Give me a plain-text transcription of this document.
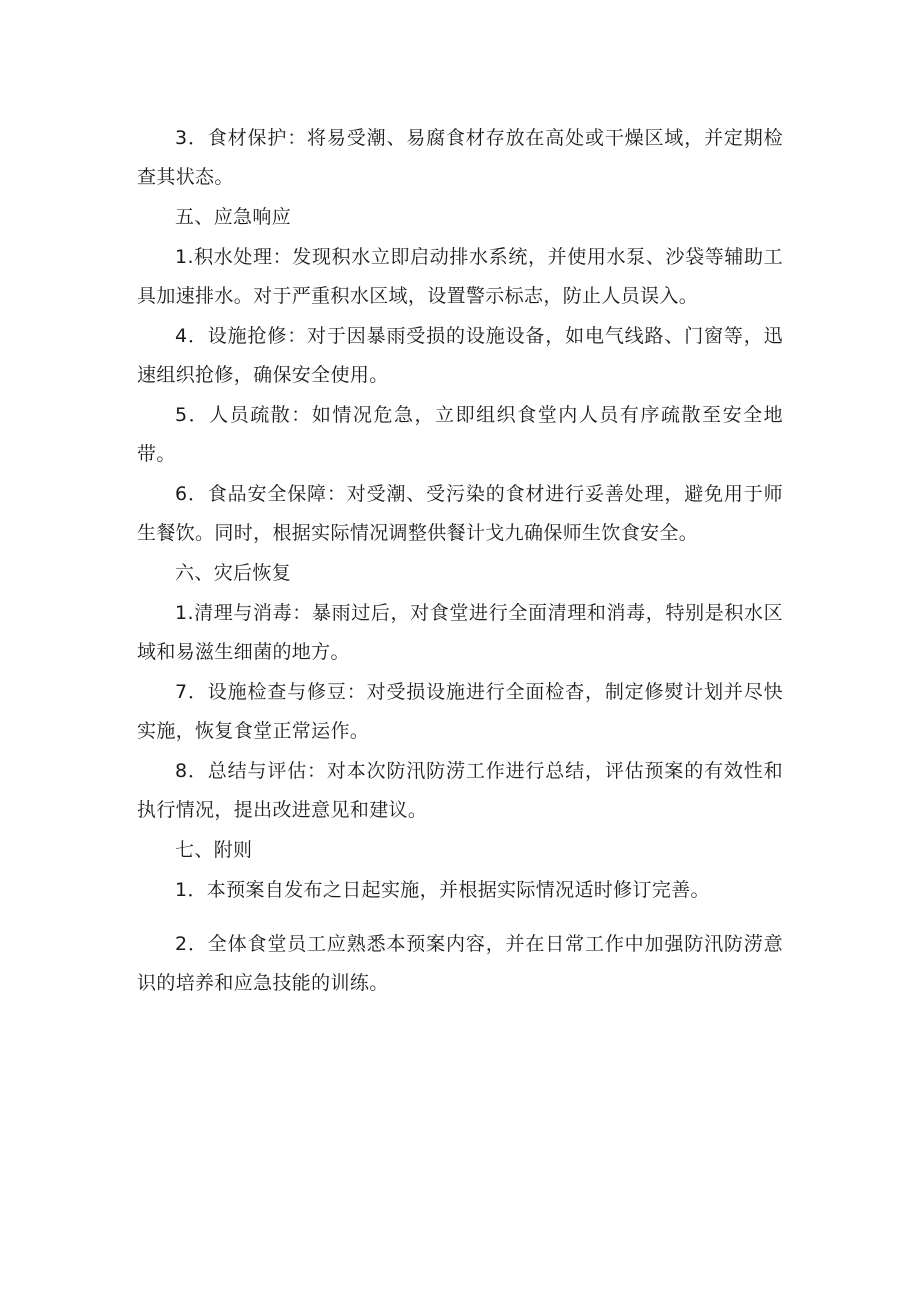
3．食材保护：将易受潮、易腐食材存放在高处或干燥区域，并定期检查其状态。

五、应急响应

1.积水处理：发现积水立即启动排水系统，并使用水泵、沙袋等辅助工具加速排水。对于严重积水区域，设置警示标志，防止人员误入。

4．设施抢修：对于因暴雨受损的设施设备，如电气线路、门窗等，迅速组织抢修，确保安全使用。

5．人员疏散：如情况危急，立即组织食堂内人员有序疏散至安全地带。

6．食品安全保障：对受潮、受污染的食材进行妥善处理，避免用于师生餐饮。同时，根据实际情况调整供餐计戈九确保师生饮食安全。

六、灾后恢复

1.清理与消毒：暴雨过后，对食堂进行全面清理和消毒，特别是积水区域和易滋生细菌的地方。

7．设施检查与修豆：对受损设施进行全面检杳，制定修熨计划并尽快实施，恢复食堂正常运作。

8．总结与评估：对本次防汛防涝工作进行总结，评估预案的有效性和执行情况，提出改进意见和建议。

七、附则

1．本预案自发布之日起实施，并根据实际情况适时修订完善。

2．全体食堂员工应熟悉本预案内容，并在日常工作中加强防汛防涝意识的培养和应急技能的训练。
